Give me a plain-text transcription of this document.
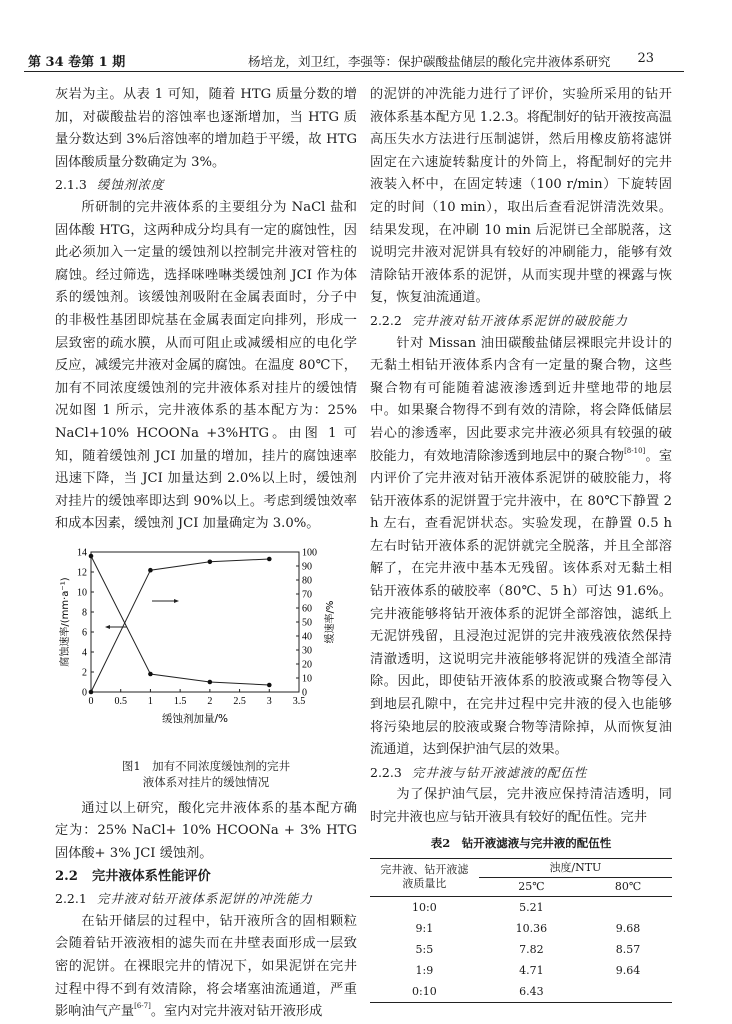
第 34 卷第 1 期	杨培龙，刘卫红，李强等：保护碳酸盐储层的酸化完井液体系研究 23

灰岩为主。从表 1 可知，随着 HTG 质量分数的增加，对碳酸盐岩的溶蚀率也逐渐增加，当 HTG 质量分数达到 3%后溶蚀率的增加趋于平缓，故 HTG 固体酸质量分数确定为 3%。

2.1.3 缓蚀剂浓度

所研制的完井液体系的主要组分为 NaCl 盐和固体酸 HTG，这两种成分均具有一定的腐蚀性，因此必须加入一定量的缓蚀剂以控制完井液对管柱的腐蚀。经过筛选，选择咪唑啉类缓蚀剂 JCI 作为体系的缓蚀剂。该缓蚀剂吸附在金属表面时，分子中的非极性基团即烷基在金属表面定向排列，形成一层致密的疏水膜，从而可阻止或减缓相应的电化学反应，减缓完井液对金属的腐蚀。在温度 80℃下，加有不同浓度缓蚀剂的完井液体系对挂片的缓蚀情况如图 1 所示，完井液体系的基本配方为：25% NaCl+10% HCOONa +3%HTG。由图 1 可知，随着缓蚀剂 JCI 加量的增加，挂片的腐蚀速率迅速下降，当 JCI 加量达到 2.0%以上时，缓蚀剂对挂片的缓蚀率即达到 90%以上。考虑到缓蚀效率和成本因素，缓蚀剂 JCI 加量确定为 3.0%。

0 0.5 1 1.5 2 2.5 3 3.5
0
2
4
6
8
10
12
14
0
10
20
30
40
50
60
70
80
90
100
缓蚀剂加量/%
腐蚀速率/(mm·a⁻¹)	缓速率/%
图1　加有不同浓度缓蚀剂的完井
液体系对挂片的缓蚀情况

通过以上研究，酸化完井液体系的基本配方确定为：25% NaCl+ 10% HCOONa + 3% HTG 固体酸+ 3% JCI 缓蚀剂。

2.2 完井液体系性能评价

2.2.1 完井液对钻开液体系泥饼的冲洗能力

在钻开储层的过程中，钻开液所含的固相颗粒会随着钻开液液相的滤失而在井壁表面形成一层致密的泥饼。在裸眼完井的情况下，如果泥饼在完井过程中得不到有效清除，将会堵塞油流通道，严重影响油气产量[6-7]。室内对完井液对钻开液形成

的泥饼的冲洗能力进行了评价，实验所采用的钻开液体系基本配方见 1.2.3。将配制好的钻开液按高温高压失水方法进行压制滤饼，然后用橡皮筋将滤饼固定在六速旋转黏度计的外筒上，将配制好的完井液装入杯中，在固定转速（100 r/min）下旋转固定的时间（10 min），取出后查看泥饼清洗效果。结果发现，在冲刷 10 min 后泥饼已全部脱落，这说明完井液对泥饼具有较好的冲刷能力，能够有效清除钻开液体系的泥饼，从而实现井壁的裸露与恢复，恢复油流通道。

2.2.2 完井液对钻开液体系泥饼的破胶能力

针对 Missan 油田碳酸盐储层裸眼完井设计的无黏土相钻开液体系内含有一定量的聚合物，这些聚合物有可能随着滤液渗透到近井壁地带的地层中。如果聚合物得不到有效的清除，将会降低储层岩心的渗透率，因此要求完井液必须具有较强的破胶能力，有效地清除渗透到地层中的聚合物[8-10]。室内评价了完井液对钻开液体系泥饼的破胶能力，将钻开液体系的泥饼置于完井液中，在 80℃下静置 2 h 左右，查看泥饼状态。实验发现，在静置 0.5 h 左右时钻开液体系的泥饼就完全脱落，并且全部溶解了，在完井液中基本无残留。该体系对无黏土相钻开液体系的破胶率（80℃、5 h）可达 91.6%。完井液能够将钻开液体系的泥饼全部溶蚀，滤纸上无泥饼残留，且浸泡过泥饼的完井液残液依然保持清澈透明，这说明完井液能够将泥饼的残渣全部清除。因此，即使钻开液体系的胶液或聚合物等侵入到地层孔隙中，在完井过程中完井液的侵入也能够将污染地层的胶液或聚合物等清除掉，从而恢复油流通道，达到保护油气层的效果。

2.2.3 完井液与钻开液滤液的配伍性

为了保护油气层，完井液应保持清洁透明，同时完井液也应与钻开液具有较好的配伍性。完井

表2　钻开液滤液与完井液的配伍性
完井液、钻开液滤
液质量比	浊度/NTU	
	25℃	80℃
10:0	5.21	
9:1	10.36	9.68
5:5	7.82	8.57
1:9	4.71	9.64
0:10	6.43	
